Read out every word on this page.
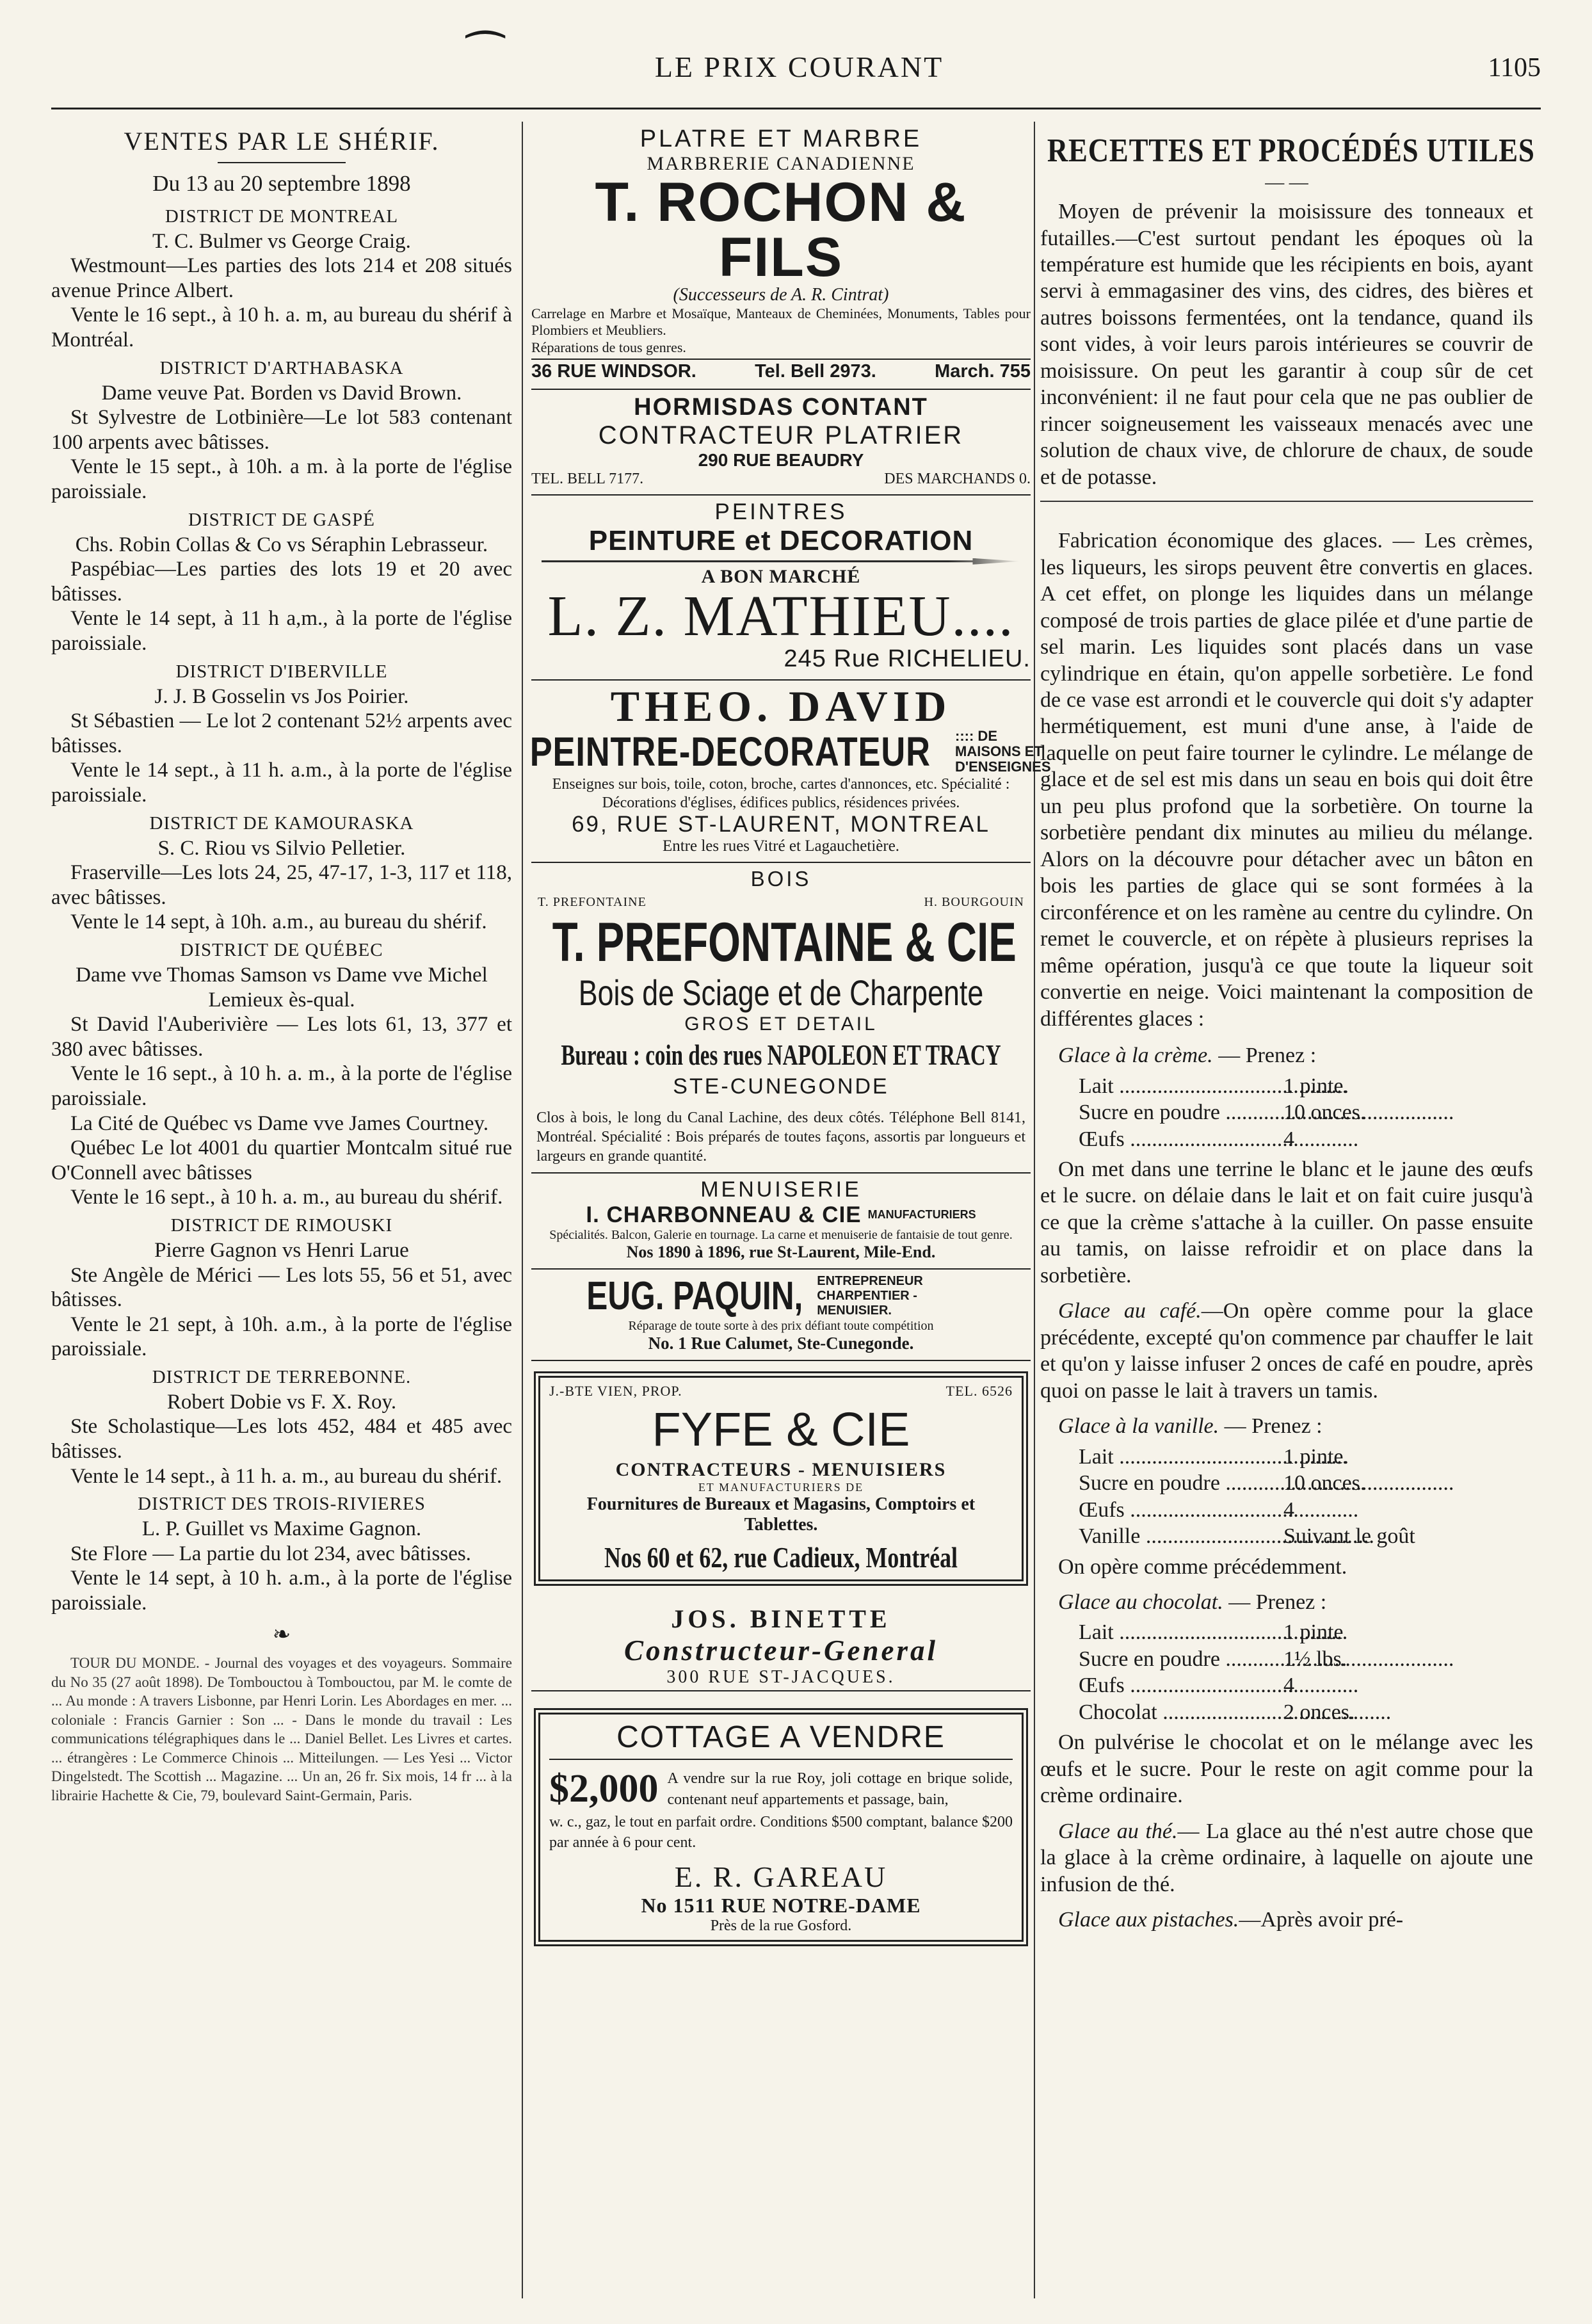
⁀	LE PRIX COURANT	1105
VENTES PAR LE SHÉRIF.
Du 13 au 20 septembre 1898
DISTRICT DE MONTREAL

T. C. Bulmer vs George Craig.

Westmount—Les parties des lots 214 et 208 situés avenue Prince Albert.

Vente le 16 sept., à 10 h. a. m, au bureau du shérif à Montréal.

DISTRICT D'ARTHABASKA

Dame veuve Pat. Borden vs David Brown.

St Sylvestre de Lotbinière—Le lot 583 contenant 100 arpents avec bâtisses.

Vente le 15 sept., à 10h. a m. à la porte de l'église paroissiale.

DISTRICT DE GASPÉ

Chs. Robin Collas & Co vs Séraphin Lebrasseur.

Paspébiac—Les parties des lots 19 et 20 avec bâtisses.

Vente le 14 sept, à 11 h a,m., à la porte de l'église paroissiale.

DISTRICT D'IBERVILLE

J. J. B Gosselin vs Jos Poirier.

St Sébastien — Le lot 2 contenant 52½ arpents avec bâtisses.

Vente le 14 sept., à 11 h. a.m., à la porte de l'église paroissiale.

DISTRICT DE KAMOURASKA

S. C. Riou vs Silvio Pelletier.

Fraserville—Les lots 24, 25, 47-17, 1-3, 117 et 118, avec bâtisses.

Vente le 14 sept, à 10h. a.m., au bureau du shérif.

DISTRICT DE QUÉBEC

Dame vve Thomas Samson vs Dame vve Michel Lemieux ès-qual.

St David l'Auberivière — Les lots 61, 13, 377 et 380 avec bâtisses.

Vente le 16 sept., à 10 h. a. m., à la porte de l'église paroissiale.

La Cité de Québec vs Dame vve James Courtney.

Québec Le lot 4001 du quartier Montcalm situé rue O'Connell avec bâtisses

Vente le 16 sept., à 10 h. a. m., au bureau du shérif.

DISTRICT DE RIMOUSKI

Pierre Gagnon vs Henri Larue

Ste Angèle de Mérici — Les lots 55, 56 et 51, avec bâtisses.

Vente le 21 sept, à 10h. a.m., à la porte de l'église paroissiale.

DISTRICT DE TERREBONNE.

Robert Dobie vs F. X. Roy.

Ste Scholastique—Les lots 452, 484 et 485 avec bâtisses.

Vente le 14 sept., à 11 h. a. m., au bureau du shérif.

DISTRICT DES TROIS-RIVIERES

L. P. Guillet vs Maxime Gagnon.

Ste Flore — La partie du lot 234, avec bâtisses.

Vente le 14 sept, à 10 h. a.m., à la porte de l'église paroissiale.

❧

TOUR DU MONDE. - Journal des voyages et des voyageurs. Sommaire du No 35 (27 août 1898). De Tombouctou à Tombouctou, par M. le comte de ... Au monde : A travers Lisbonne, par Henri Lorin. Les Abordages en mer. ... coloniale : Francis Garnier : Son ... - Dans le monde du travail : Les communications télégraphiques dans le ... Daniel Bellet. Les Livres et cartes. ... étrangères : Le Commerce Chinois ... Mitteilungen. — Les Yesi ... Victor Dingelstedt. The Scottish ... Magazine. ... Un an, 26 fr. Six mois, 14 fr ... à la librairie Hachette & Cie, 79, boulevard Saint-Germain, Paris.

PLATRE ET MARBRE
MARBRERIE CANADIENNE
T. ROCHON & FILS
(Successeurs de A. R. Cintrat)
Carrelage en Marbre et Mosaïque, Manteaux de Cheminées, Monuments, Tables pour Plombiers et Meubliers.
Réparations de tous genres.
36 RUE WINDSOR.	Tel. Bell 2973.	March. 755
HORMISDAS CONTANT
CONTRACTEUR PLATRIER
290 RUE BEAUDRY
TEL. BELL 7177.	DES MARCHANDS 0.
PEINTRES
PEINTURE et DECORATION
A BON MARCHÉ
L. Z. MATHIEU....
245 Rue RICHELIEU.
THEO. DAVID
PEINTRE-DECORATEUR :::: DE MAISONS ET D'ENSEIGNES
Enseignes sur bois, toile, coton, broche, cartes d'annonces, etc. Spécialité : Décorations d'églises, édifices publics, résidences privées.
69, RUE ST-LAURENT, MONTREAL
Entre les rues Vitré et Lagauchetière.
BOIS
T. PREFONTAINE	H. BOURGOUIN
T. PREFONTAINE & CIE
Bois de Sciage et de Charpente
GROS ET DETAIL
Bureau : coin des rues NAPOLEON ET TRACY
STE-CUNEGONDE
Clos à bois, le long du Canal Lachine, des deux côtés. Téléphone Bell 8141, Montréal. Spécialité : Bois préparés de toutes façons, assortis par longueurs et largeurs en grande quantité.
MENUISERIE
I. CHARBONNEAU & CIE MANUFACTURIERS
Spécialités. Balcon, Galerie en tournage. La carne et menuiserie de fantaisie de tout genre.
Nos 1890 à 1896, rue St-Laurent, Mile-End.
EUG. PAQUIN, ENTREPRENEUR CHARPENTIER - MENUISIER.
Réparage de toute sorte à des prix défiant toute compétition
No. 1 Rue Calumet, Ste-Cunegonde.
J.-BTE VIEN, PROP.	TEL. 6526
FYFE & CIE
CONTRACTEURS - MENUISIERS
ET MANUFACTURIERS DE
Fournitures de Bureaux et Magasins, Comptoirs et Tablettes.
Nos 60 et 62, rue Cadieux, Montréal
JOS. BINETTE
Constructeur-General
300 RUE ST-JACQUES.
COTTAGE A VENDRE
$2,000 A vendre sur la rue Roy, joli cottage en brique solide, contenant neuf appartements et passage, bain,
w. c., gaz, le tout en parfait ordre. Conditions $500 comptant, balance $200 par année à 6 pour cent.
E. R. GAREAU
No 1511 RUE NOTRE-DAME
Près de la rue Gosford.
RECETTES ET PROCÉDÉS UTILES
— —

Moyen de prévenir la moisissure des tonneaux et futailles.—C'est surtout pendant les époques où la température est humide que les récipients en bois, ayant servi à emmagasiner des vins, des cidres, des bières et autres boissons fermentées, ont la tendance, quand ils sont vides, à voir leurs parois intérieures se couvrir de moisissure. On peut les garantir à coup sûr de cet inconvénient: il ne faut pour cela que ne pas oublier de rincer soigneusement les vaisseaux menacés avec une solution de chaux vive, de chlorure de chaux, de soude et de potasse.

Fabrication économique des glaces. — Les crèmes, les liqueurs, les sirops peuvent être convertis en glaces. A cet effet, on plonge les liquides dans un mélange composé de trois parties de glace pilée et d'une partie de sel marin. Les liquides sont placés dans un vase cylindrique en étain, qu'on appelle sorbetière. Le fond de ce vase est arrondi et le couvercle qui doit s'y adapter hermétiquement, est muni d'une anse, à l'aide de laquelle on peut faire tourner le cylindre. Le mélange de glace et de sel est mis dans un seau en bois qui doit être un peu plus profond que la sorbetière. On tourne la sorbetière pendant dix minutes au milieu du mélange. Alors on la découvre pour détacher avec un bâton en bois les parties de glace qui se sont formées à la circonférence et on les ramène au centre du cylindre. On remet le couvercle, et on répète à plusieurs reprises la même opération, jusqu'à ce que toute la liqueur soit convertie en neige. Voici maintenant la composition de différentes glaces :

Glace à la crème. — Prenez :

Lait .....	1 pinte.
Sucre en poudre .....	10 onces.
Œufs .....	4

On met dans une terrine le blanc et le jaune des œufs et le sucre. on délaie dans le lait et on fait cuire jusqu'à ce que la crème s'attache à la cuiller. On passe ensuite au tamis, on laisse refroidir et on place dans la sorbetière.

Glace au café.—On opère comme pour la glace précédente, excepté qu'on commence par chauffer le lait et qu'on y laisse infuser 2 onces de café en poudre, après quoi on passe le lait à travers un tamis.

Glace à la vanille. — Prenez :

Lait .....	1 pinte.
Sucre en poudre .....	10 onces.
Œufs .....	4
Vanille .....	Suivant le goût

On opère comme précédemment.

Glace au chocolat. — Prenez :

Lait .....	1 pinte
Sucre en poudre .....	1½ lbs.
Œufs .....	4
Chocolat .....	2 onces.

On pulvérise le chocolat et on le mélange avec les œufs et le sucre. Pour le reste on agit comme pour la crème ordinaire.

Glace au thé.— La glace au thé n'est autre chose que la glace à la crème ordinaire, à laquelle on ajoute une infusion de thé.

Glace aux pistaches.—Après avoir pré-
